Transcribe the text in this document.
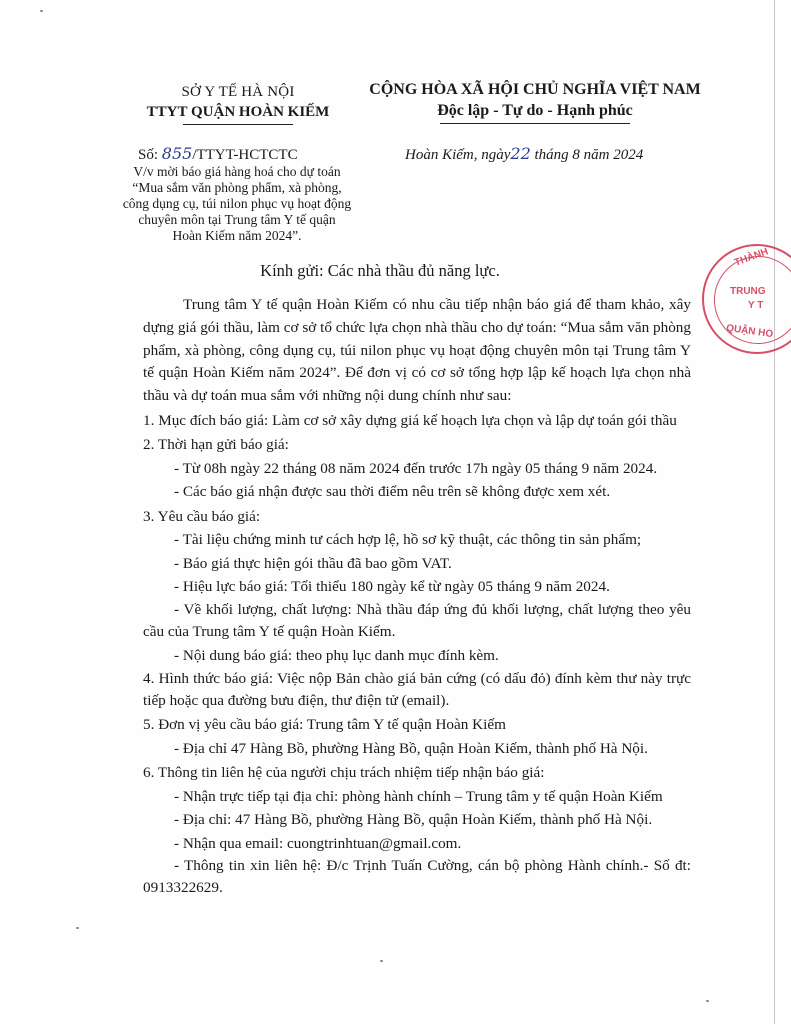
SỞ Y TẾ HÀ NỘI
TTYT QUẬN HOÀN KIẾM
CỘNG HÒA XÃ HỘI CHỦ NGHĨA VIỆT NAM
Độc lập - Tự do - Hạnh phúc
Số: 855/TTYT-HCTCTC
V/v mời báo giá hàng hoá cho dự toán
“Mua sắm văn phòng phẩm, xà phòng,
công dụng cụ, túi nilon phục vụ hoạt động
chuyên môn tại Trung tâm Y tế quận
Hoàn Kiếm năm 2024”.
Hoàn Kiếm, ngày22 tháng 8 năm 2024
THÀNH
TRUNG
Y T
QUẬN HO
Kính gửi: Các nhà thầu đủ năng lực.

Trung tâm Y tế quận Hoàn Kiếm có nhu cầu tiếp nhận báo giá để tham khảo, xây dựng giá gói thầu, làm cơ sở tổ chức lựa chọn nhà thầu cho dự toán: “Mua sắm văn phòng phẩm, xà phòng, công dụng cụ, túi nilon phục vụ hoạt động chuyên môn tại Trung tâm Y tế quận Hoàn Kiếm năm 2024”. Để đơn vị có cơ sở tổng hợp lập kế hoạch lựa chọn nhà thầu và dự toán mua sắm với những nội dung chính như sau:

1. Mục đích báo giá: Làm cơ sở xây dựng giá kế hoạch lựa chọn và lập dự toán gói thầu

2. Thời hạn gửi báo giá:

- Từ 08h ngày 22 tháng 08 năm 2024 đến trước 17h ngày 05 tháng 9 năm 2024.

- Các báo giá nhận được sau thời điểm nêu trên sẽ không được xem xét.

3. Yêu cầu báo giá:

- Tài liệu chứng minh tư cách hợp lệ, hồ sơ kỹ thuật, các thông tin sản phẩm;

- Báo giá thực hiện gói thầu đã bao gồm VAT.

- Hiệu lực báo giá: Tối thiểu 180 ngày kể từ ngày 05 tháng 9 năm 2024.

- Về khối lượng, chất lượng: Nhà thầu đáp ứng đủ khối lượng, chất lượng theo yêu cầu của Trung tâm Y tế quận Hoàn Kiếm.

- Nội dung báo giá: theo phụ lục danh mục đính kèm.

4. Hình thức báo giá: Việc nộp Bản chào giá bản cứng (có dấu đỏ) đính kèm thư này trực tiếp hoặc qua đường bưu điện, thư điện tử (email).

5. Đơn vị yêu cầu báo giá: Trung tâm Y tế quận Hoàn Kiếm

- Địa chỉ 47 Hàng Bồ, phường Hàng Bồ, quận Hoàn Kiếm, thành phố Hà Nội.

6. Thông tin liên hệ của người chịu trách nhiệm tiếp nhận báo giá:

- Nhận trực tiếp tại địa chỉ: phòng hành chính – Trung tâm y tế quận Hoàn Kiếm

- Địa chỉ: 47 Hàng Bồ, phường Hàng Bồ, quận Hoàn Kiếm, thành phố Hà Nội.

- Nhận qua email: cuongtrinhtuan@gmail.com.

- Thông tin xin liên hệ: Đ/c Trịnh Tuấn Cường, cán bộ phòng Hành chính.- Số đt: 0913322629.
